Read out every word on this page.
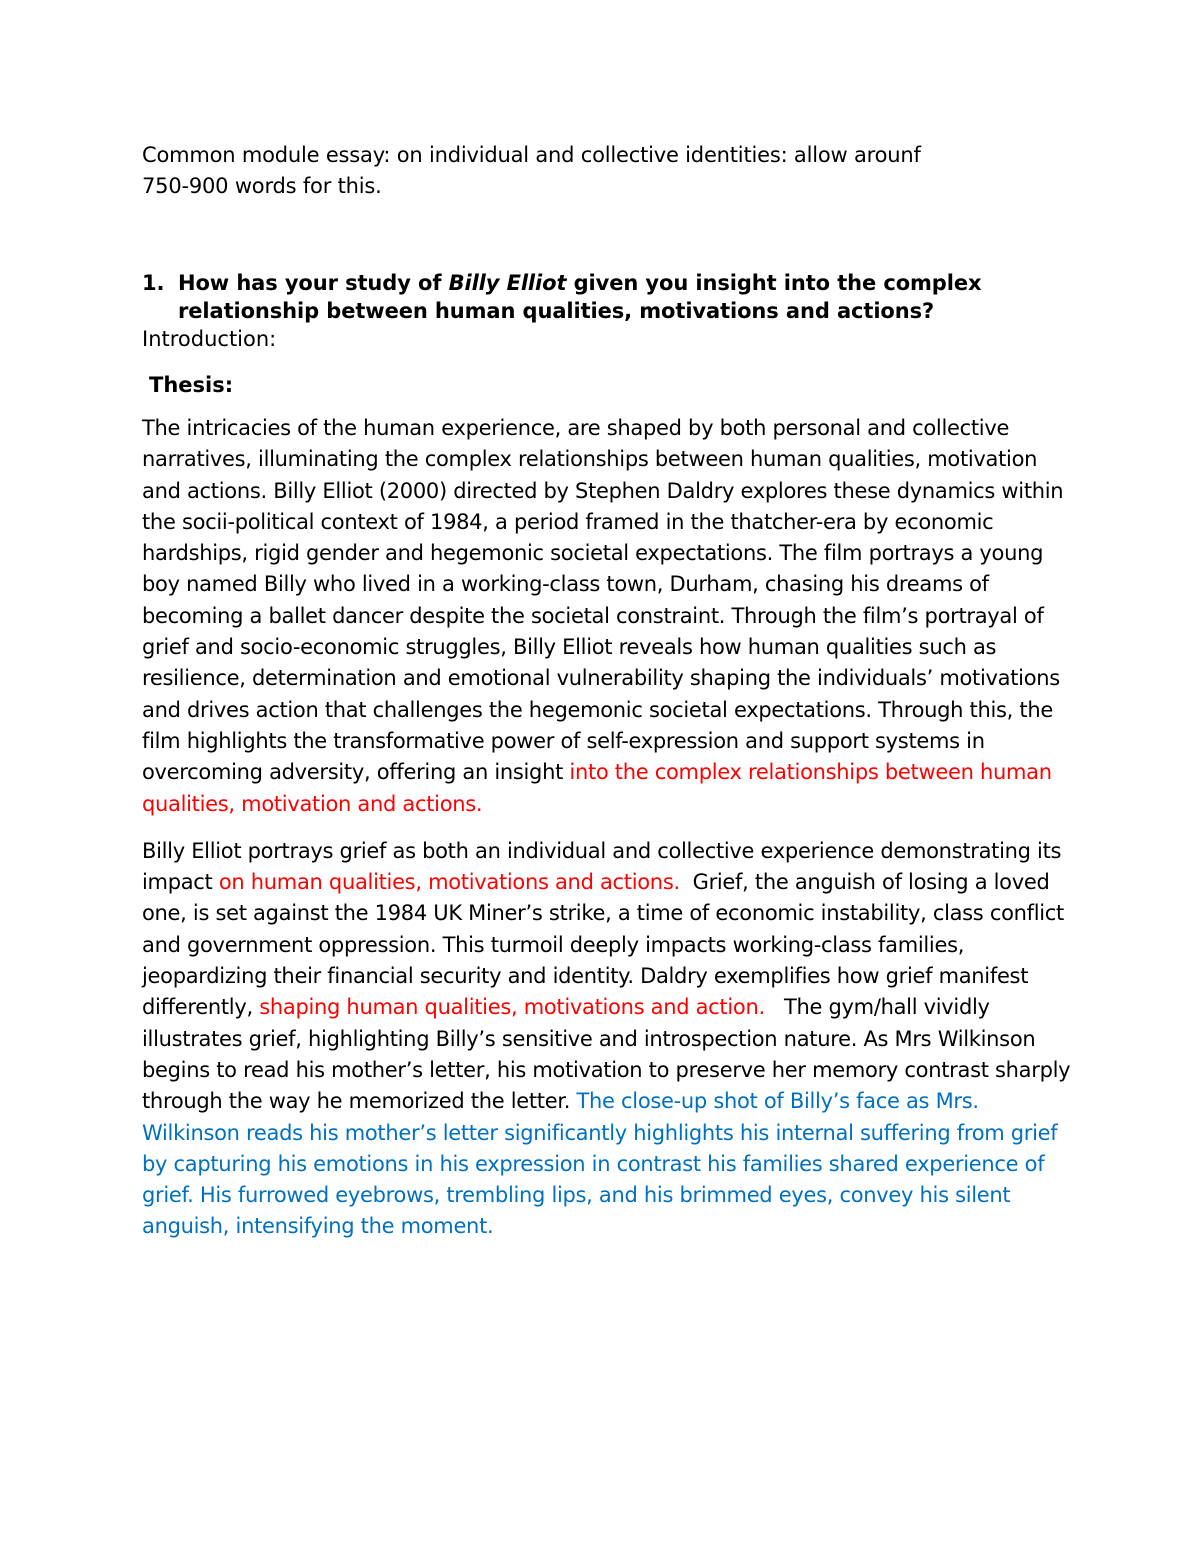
Common module essay: on individual and collective identities: allow arounf
750-900 words for this.

1. How has your study of Billy Elliot given you insight into the complex relationship between human qualities, motivations and actions?

Introduction:

Thesis:

The intricacies of the human experience, are shaped by both personal and collective narratives, illuminating the complex relationships between human qualities, motivation and actions. Billy Elliot (2000) directed by Stephen Daldry explores these dynamics within the socii-political context of 1984, a period framed in the thatcher-era by economic hardships, rigid gender and hegemonic societal expectations. The film portrays a young boy named Billy who lived in a working-class town, Durham, chasing his dreams of becoming a ballet dancer despite the societal constraint. Through the film’s portrayal of grief and socio-economic struggles, Billy Elliot reveals how human qualities such as resilience, determination and emotional vulnerability shaping the individuals’ motivations and drives action that challenges the hegemonic societal expectations. Through this, the film highlights the transformative power of self-expression and support systems in overcoming adversity, offering an insight into the complex relationships between human qualities, motivation and actions.

Billy Elliot portrays grief as both an individual and collective experience demonstrating its impact on human qualities, motivations and actions.  Grief, the anguish of losing a loved one, is set against the 1984 UK Miner’s strike, a time of economic instability, class conflict and government oppression. This turmoil deeply impacts working-class families, jeopardizing their financial security and identity. Daldry exemplifies how grief manifest differently, shaping human qualities, motivations and action.   The gym/hall vividly illustrates grief, highlighting Billy’s sensitive and introspection nature. As Mrs Wilkinson   begins to read his mother’s letter, his motivation to preserve her memory contrast sharply through the way he memorized the letter. The close-up shot of Billy’s face as Mrs. Wilkinson reads his mother’s letter significantly highlights his internal suffering from grief by capturing his emotions in his expression in contrast his families shared experience of grief. His furrowed eyebrows, trembling lips, and his brimmed eyes, convey his silent anguish, intensifying the moment.
